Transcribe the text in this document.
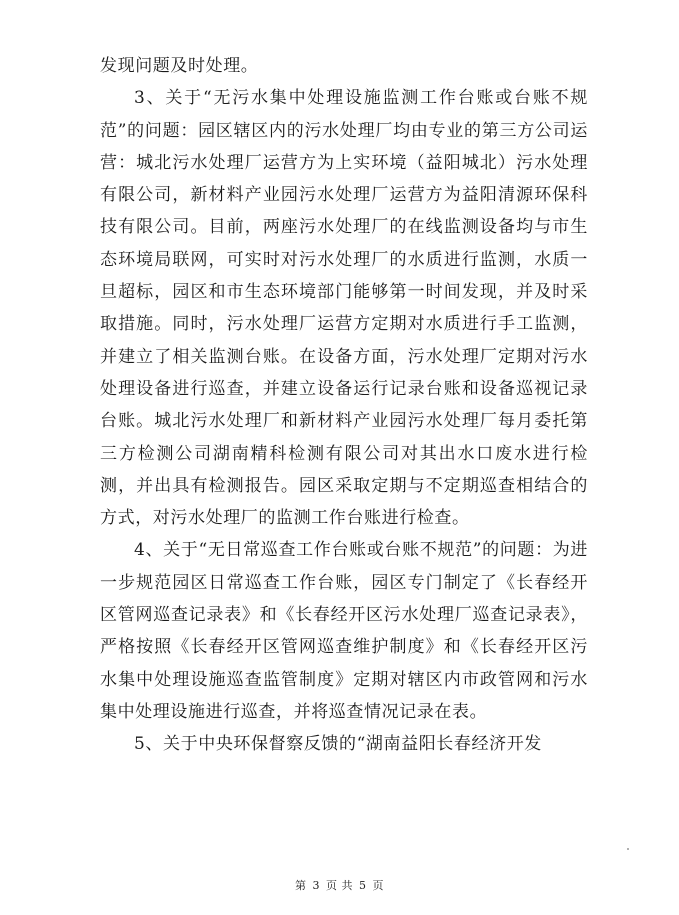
发现问题及时处理。

3、关于“无污水集中处理设施监测工作台账或台账不规范”的问题：园区辖区内的污水处理厂均由专业的第三方公司运营：城北污水处理厂运营方为上实环境（益阳城北）污水处理有限公司，新材料产业园污水处理厂运营方为益阳清源环保科技有限公司。目前，两座污水处理厂的在线监测设备均与市生态环境局联网，可实时对污水处理厂的水质进行监测，水质一旦超标，园区和市生态环境部门能够第一时间发现，并及时采取措施。同时，污水处理厂运营方定期对水质进行手工监测，并建立了相关监测台账。在设备方面，污水处理厂定期对污水处理设备进行巡查，并建立设备运行记录台账和设备巡视记录台账。城北污水处理厂和新材料产业园污水处理厂每月委托第三方检测公司湖南精科检测有限公司对其出水口废水进行检测，并出具有检测报告。园区采取定期与不定期巡查相结合的方式，对污水处理厂的监测工作台账进行检查。

4、关于“无日常巡查工作台账或台账不规范”的问题：为进一步规范园区日常巡查工作台账，园区专门制定了《长春经开区管网巡查记录表》和《长春经开区污水处理厂巡查记录表》，严格按照《长春经开区管网巡查维护制度》和《长春经开区污水集中处理设施巡查监管制度》定期对辖区内市政管网和污水集中处理设施进行巡查，并将巡查情况记录在表。

5、关于中央环保督察反馈的“湖南益阳长春经济开发

第 3 页 共 5 页
